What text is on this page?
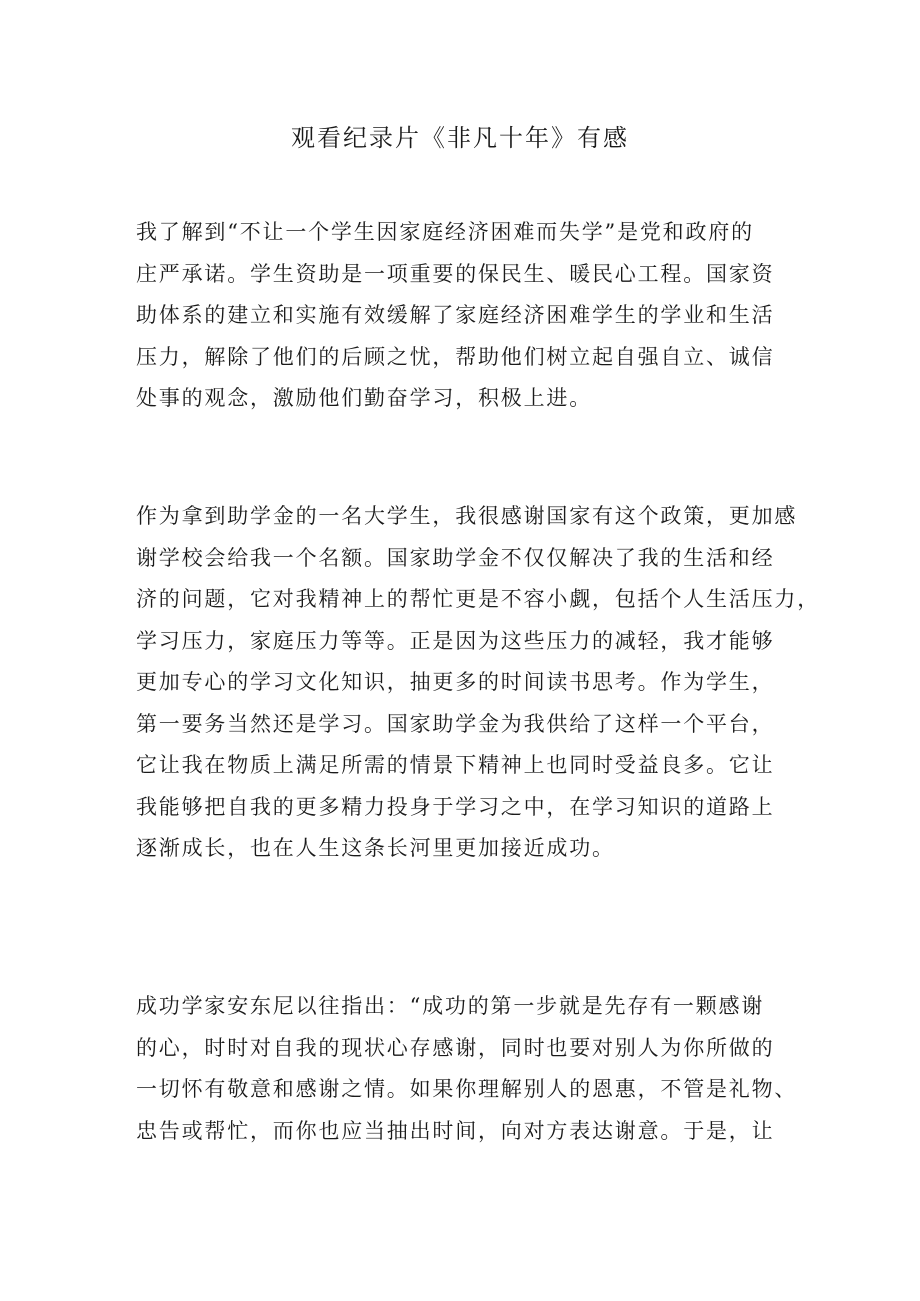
观看纪录片《非凡十年》有感
我了解到“不让一个学生因家庭经济困难而失学”是党和政府的
庄严承诺。学生资助是一项重要的保民生、暖民心工程。国家资
助体系的建立和实施有效缓解了家庭经济困难学生的学业和生活
压力，解除了他们的后顾之忧，帮助他们树立起自强自立、诚信
处事的观念，激励他们勤奋学习，积极上进。
作为拿到助学金的一名大学生，我很感谢国家有这个政策，更加感
谢学校会给我一个名额。国家助学金不仅仅解决了我的生活和经
济的问题，它对我精神上的帮忙更是不容小觑，包括个人生活压力，
学习压力，家庭压力等等。正是因为这些压力的减轻，我才能够
更加专心的学习文化知识，抽更多的时间读书思考。作为学生，
第一要务当然还是学习。国家助学金为我供给了这样一个平台，
它让我在物质上满足所需的情景下精神上也同时受益良多。它让
我能够把自我的更多精力投身于学习之中，在学习知识的道路上
逐渐成长，也在人生这条长河里更加接近成功。
成功学家安东尼以往指出：“成功的第一步就是先存有一颗感谢
的心，时时对自我的现状心存感谢，同时也要对别人为你所做的
一切怀有敬意和感谢之情。如果你理解别人的恩惠，不管是礼物、
忠告或帮忙，而你也应当抽出时间，向对方表达谢意。于是，让
